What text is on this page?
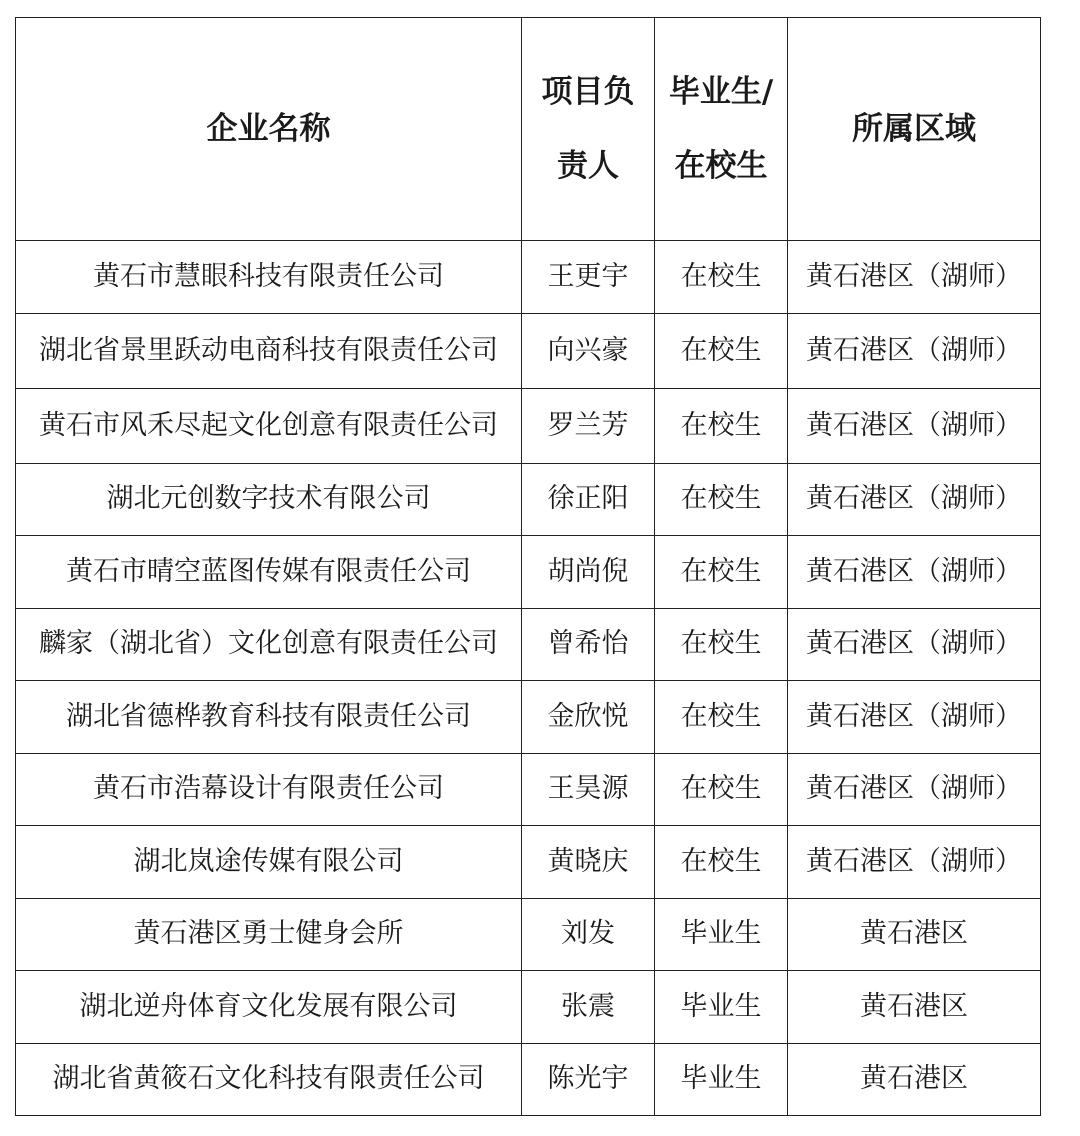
企业名称	项目负责人	毕业生/在校生	所属区域
黄石市慧眼科技有限责任公司	王更宇	在校生	黄石港区（湖师）
湖北省景里跃动电商科技有限责任公司	向兴豪	在校生	黄石港区（湖师）
黄石市风禾尽起文化创意有限责任公司	罗兰芳	在校生	黄石港区（湖师）
湖北元创数字技术有限公司	徐正阳	在校生	黄石港区（湖师）
黄石市晴空蓝图传媒有限责任公司	胡尚倪	在校生	黄石港区（湖师）
麟家（湖北省）文化创意有限责任公司	曾希怡	在校生	黄石港区（湖师）
湖北省德桦教育科技有限责任公司	金欣悦	在校生	黄石港区（湖师）
黄石市浩幕设计有限责任公司	王昊源	在校生	黄石港区（湖师）
湖北岚途传媒有限公司	黄晓庆	在校生	黄石港区（湖师）
黄石港区勇士健身会所	刘发	毕业生	黄石港区
湖北逆舟体育文化发展有限公司	张震	毕业生	黄石港区
湖北省黄筱石文化科技有限责任公司	陈光宇	毕业生	黄石港区
